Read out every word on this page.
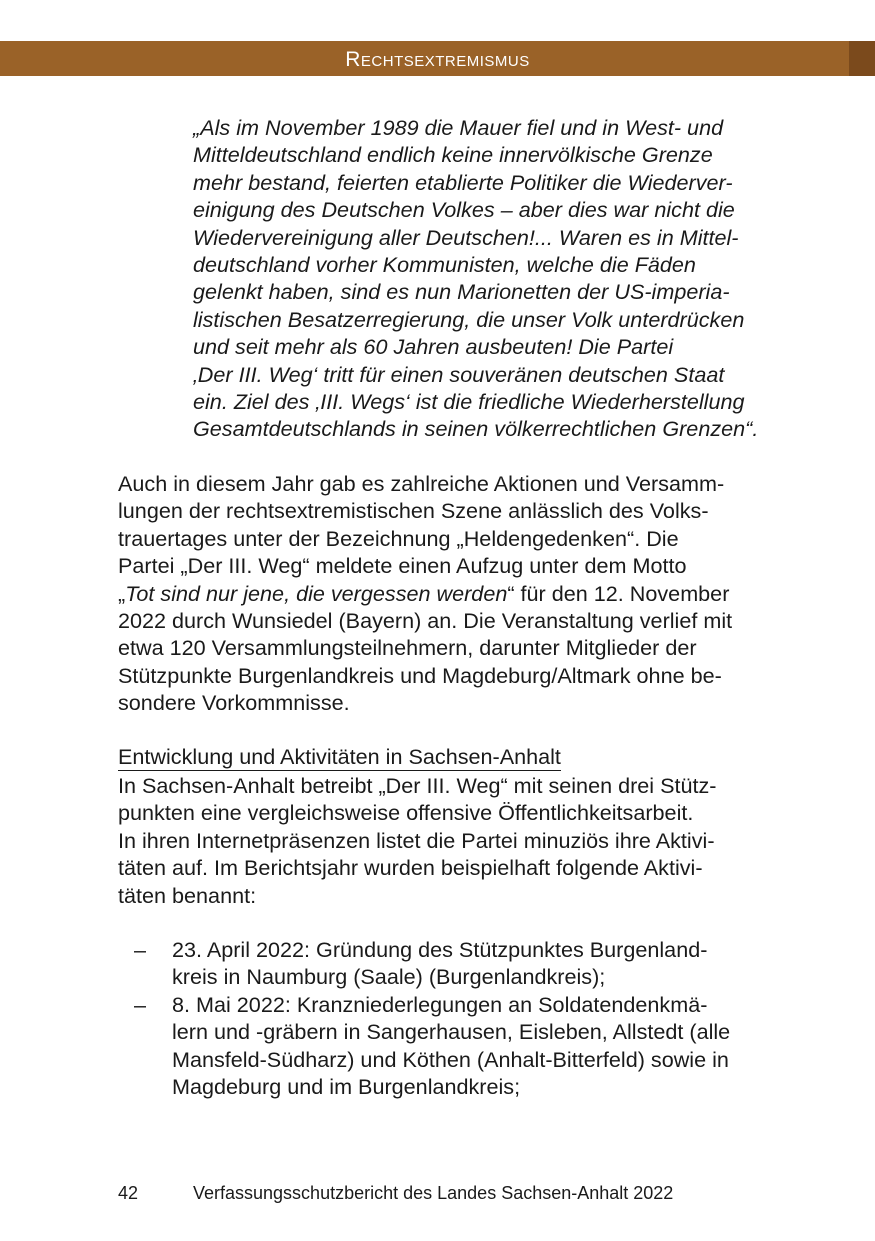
Rechtsextremismus
„Als im November 1989 die Mauer fiel und in West- und
Mitteldeutschland endlich keine innervölkische Grenze
mehr bestand, feierten etablierte Politiker die Wiederver-
einigung des Deutschen Volkes – aber dies war nicht die
Wiedervereinigung aller Deutschen!... Waren es in Mittel-
deutschland vorher Kommunisten, welche die Fäden
gelenkt haben, sind es nun Marionetten der US-imperia-
listischen Besatzerregierung, die unser Volk unterdrücken
und seit mehr als 60 Jahren ausbeuten! Die Partei
‚Der III. Weg‘ tritt für einen souveränen deutschen Staat
ein. Ziel des ‚III. Wegs‘ ist die friedliche Wiederherstellung
Gesamtdeutschlands in seinen völkerrechtlichen Grenzen“.
Auch in diesem Jahr gab es zahlreiche Aktionen und Versamm-
lungen der rechtsextremistischen Szene anlässlich des Volks-
trauertages unter der Bezeichnung „Heldengedenken“. Die
Partei „Der III. Weg“ meldete einen Aufzug unter dem Motto
„Tot sind nur jene, die vergessen werden“ für den 12. November
2022 durch Wunsiedel (Bayern) an. Die Veranstaltung verlief mit
etwa 120 Versammlungsteilnehmern, darunter Mitglieder der
Stützpunkte Burgenlandkreis und Magdeburg/Altmark ohne be-
sondere Vorkommnisse.
Entwicklung und Aktivitäten in Sachsen-Anhalt
In Sachsen-Anhalt betreibt „Der III. Weg“ mit seinen drei Stütz-
punkten eine vergleichsweise offensive Öffentlichkeitsarbeit.
In ihren Internetpräsenzen listet die Partei minuziös ihre Aktivi-
täten auf. Im Berichtsjahr wurden beispielhaft folgende Aktivi-
täten benannt:
– 23. April 2022: Gründung des Stützpunktes Burgenland-
kreis in Naumburg (Saale) (Burgenlandkreis);
– 8. Mai 2022: Kranzniederlegungen an Soldatendenkmä-
lern und -gräbern in Sangerhausen, Eisleben, Allstedt (alle
Mansfeld-Südharz) und Köthen (Anhalt-Bitterfeld) sowie in
Magdeburg und im Burgenlandkreis;
42	Verfassungsschutzbericht des Landes Sachsen-Anhalt 2022
